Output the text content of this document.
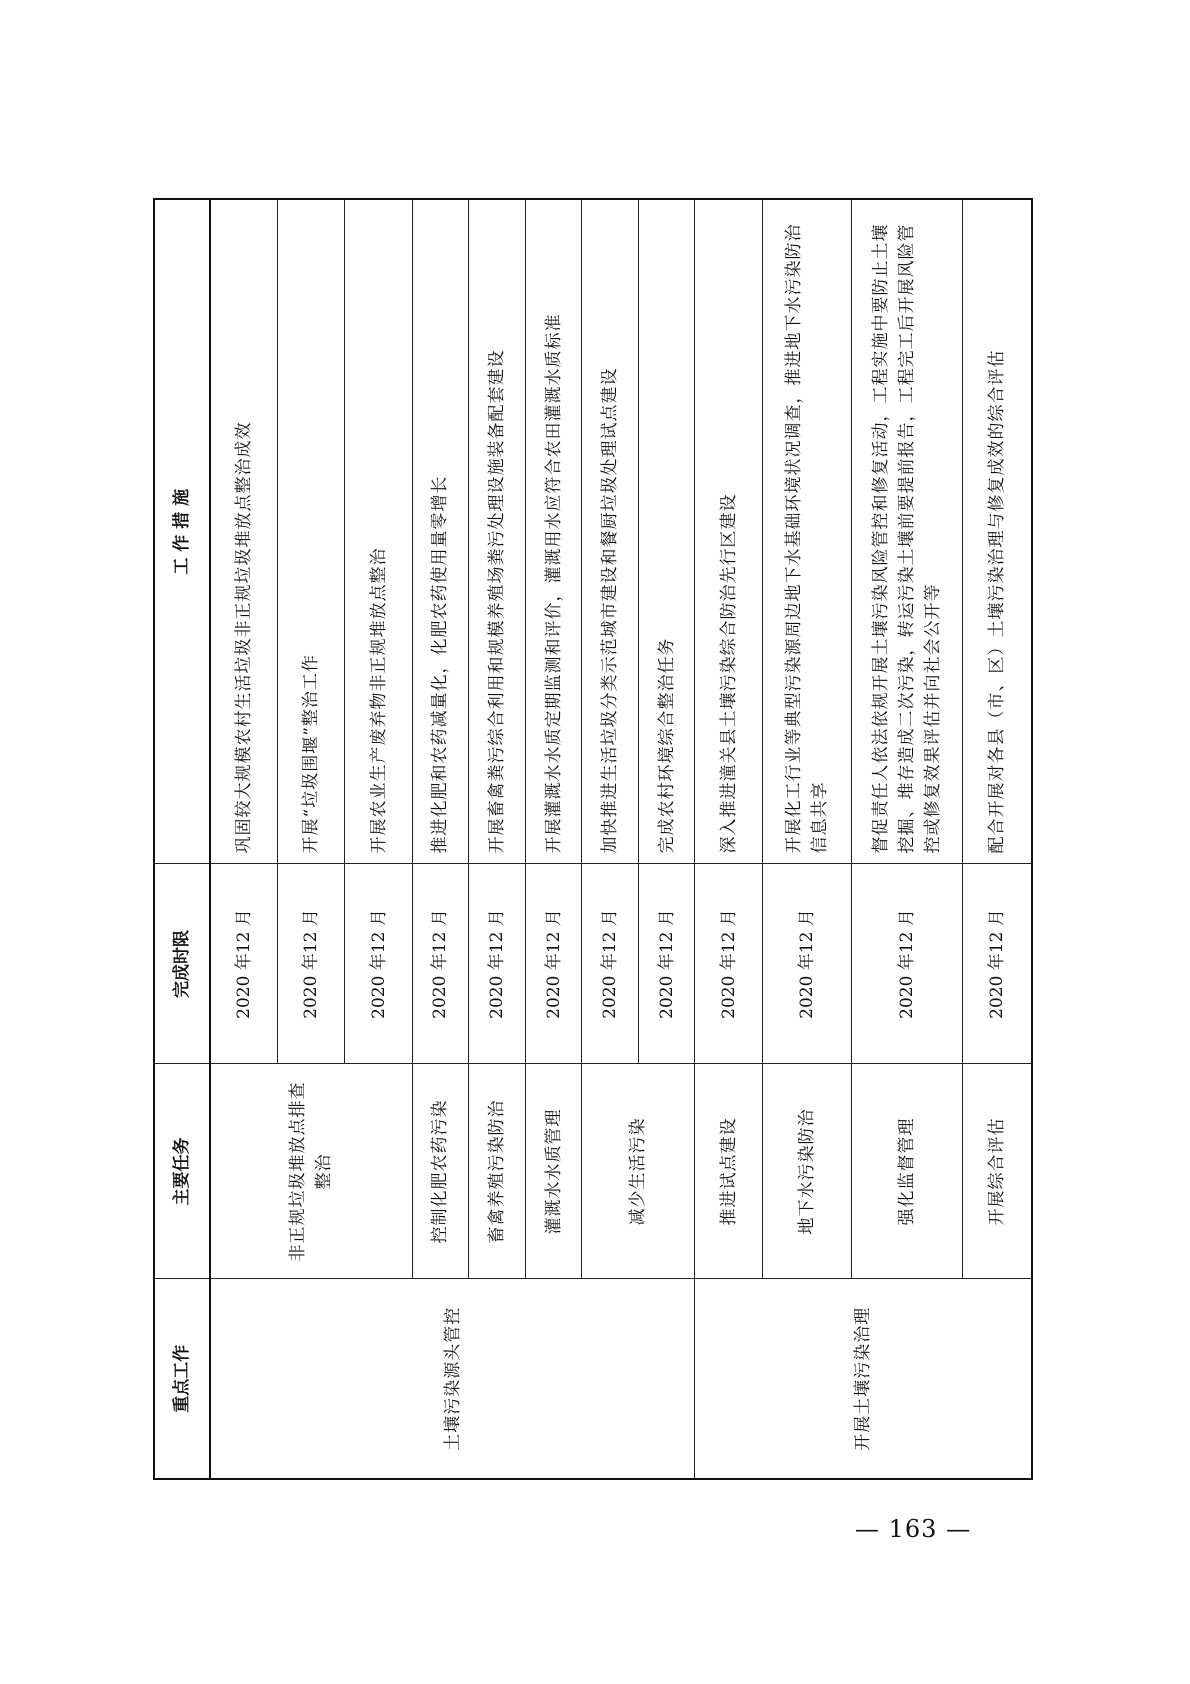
重点工作	主要任务	完成时限	工 作 措 施
土壤污染源头管控	非正规垃圾堆放点排查整治	2020 年12 月	巩固较大规模农村生活垃圾非正规垃圾堆放点整治成效
		2020 年12 月	开展“垃圾围堰”整治工作
		2020 年12 月	开展农业生产废弃物非正规堆放点整治
	控制化肥农药污染	2020 年12 月	推进化肥和农药减量化，化肥农药使用量零增长
	畜禽养殖污染防治	2020 年12 月	开展畜禽粪污综合利用和规模养殖场粪污处理设施装备配套建设
	灌溉水水质管理	2020 年12 月	开展灌溉水水质定期监测和评价，灌溉用水应符合农田灌溉水质标准
	减少生活污染	2020 年12 月	加快推进生活垃圾分类示范城市建设和餐厨垃圾处理试点建设
		2020 年12 月	完成农村环境综合整治任务
开展土壤污染治理	推进试点建设	2020 年12 月	深入推进潼关县土壤污染综合防治先行区建设
	地下水污染防治	2020 年12 月	开展化工行业等典型污染源周边地下水基础环境状况调查，推进地下水污染防治信息共享
	强化监督管理	2020 年12 月	督促责任人依法依规开展土壤污染风险管控和修复活动，工程实施中要防止土壤挖掘、堆存造成二次污染，转运污染土壤前要提前报告，工程完工后开展风险管控或修复效果评估并向社会公开等
	开展综合评估	2020 年12 月	配合开展对各县（市、区）土壤污染治理与修复成效的综合评估
— 163 —
